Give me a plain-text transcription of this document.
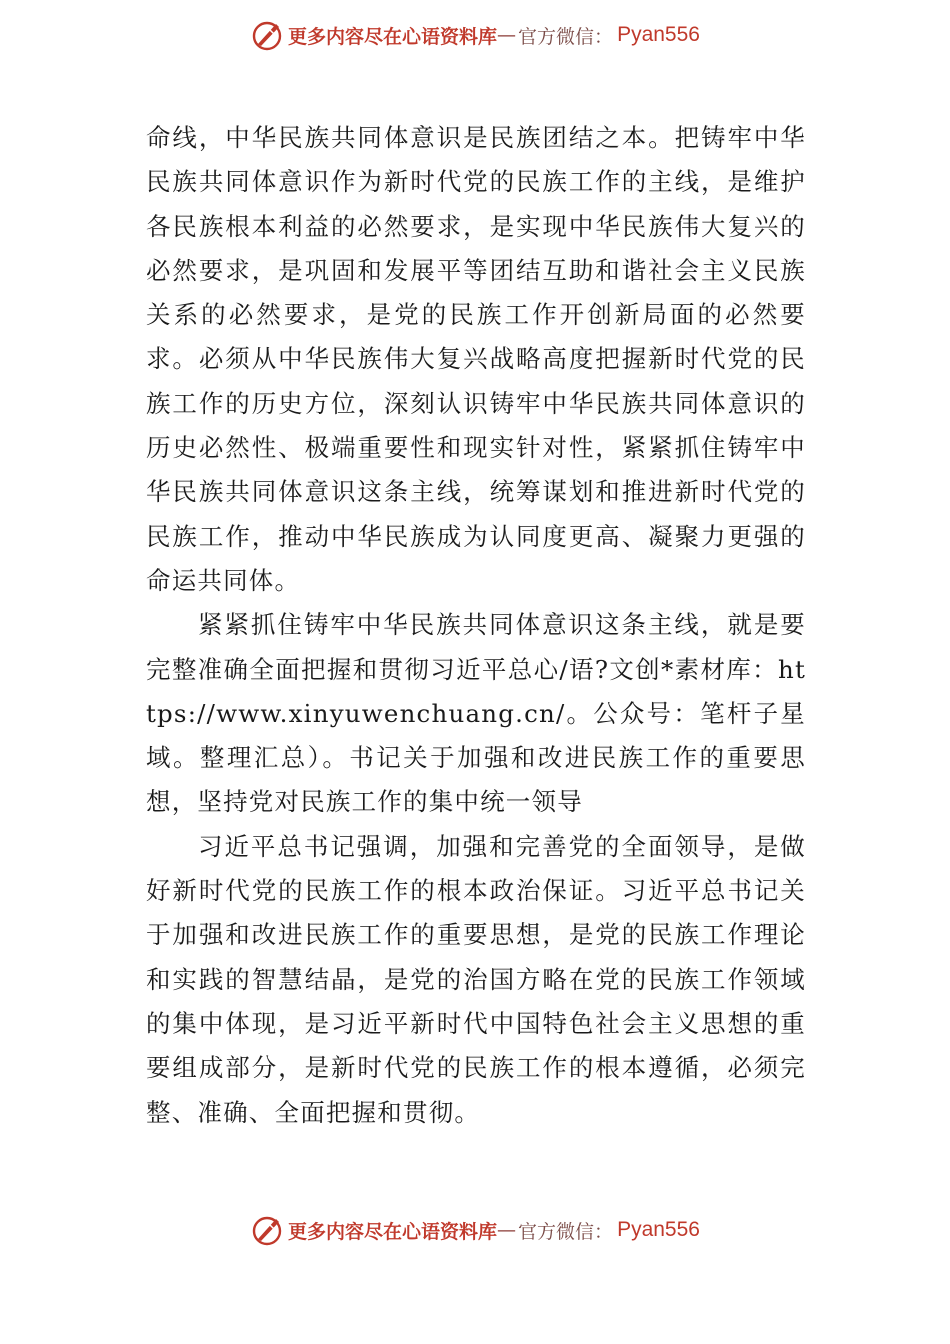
更多内容尽在心语资料库 — 官方微信： Pyan556

命线，中华民族共同体意识是民族团结之本。把铸牢中华民族共同体意识作为新时代党的民族工作的主线，是维护各民族根本利益的必然要求，是实现中华民族伟大复兴的必然要求，是巩固和发展平等团结互助和谐社会主义民族关系的必然要求，是党的民族工作开创新局面的必然要求。必须从中华民族伟大复兴战略高度把握新时代党的民族工作的历史方位，深刻认识铸牢中华民族共同体意识的历史必然性、极端重要性和现实针对性，紧紧抓住铸牢中华民族共同体意识这条主线，统筹谋划和推进新时代党的民族工作，推动中华民族成为认同度更高、凝聚力更强的命运共同体。

紧紧抓住铸牢中华民族共同体意识这条主线，就是要完整准确全面把握和贯彻习近平总心/语?文创*素材库：https://www.xinyuwenchuang.cn/。公众号：笔杆子星域。整理汇总）。书记关于加强和改进民族工作的重要思想，坚持党对民族工作的集中统一领导

习近平总书记强调，加强和完善党的全面领导，是做好新时代党的民族工作的根本政治保证。习近平总书记关于加强和改进民族工作的重要思想，是党的民族工作理论和实践的智慧结晶，是党的治国方略在党的民族工作领域的集中体现，是习近平新时代中国特色社会主义思想的重要组成部分，是新时代党的民族工作的根本遵循，必须完整、准确、全面把握和贯彻。

更多内容尽在心语资料库 — 官方微信： Pyan556
